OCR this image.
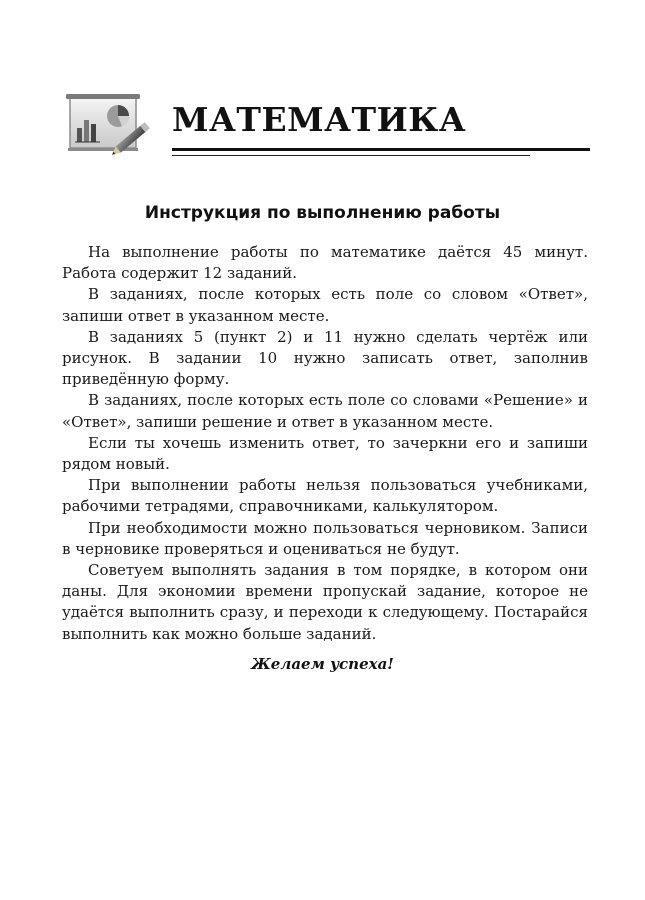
МАТЕМАТИКА
Инструкция по выполнению работы

На выполнение работы по математике даётся 45 минут. Работа содержит 12 заданий.

В заданиях, после которых есть поле со словом «Ответ», запиши ответ в указанном месте.

В заданиях 5 (пункт 2) и 11 нужно сделать чертёж или рисунок. В задании 10 нужно записать ответ, заполнив приведённую форму.

В заданиях, после которых есть поле со словами «Решение» и «Ответ», запиши решение и ответ в указанном месте.

Если ты хочешь изменить ответ, то зачеркни его и запиши рядом новый.

При выполнении работы нельзя пользоваться учебниками, рабочими тетрадями, справочниками, калькулятором.

При необходимости можно пользоваться черновиком. Записи в черновике проверяться и оцениваться не будут.

Советуем выполнять задания в том порядке, в котором они даны. Для экономии времени пропускай задание, которое не удаётся выполнить сразу, и переходи к следующему. Постарайся выполнить как можно больше заданий.

Желаем успеха!
